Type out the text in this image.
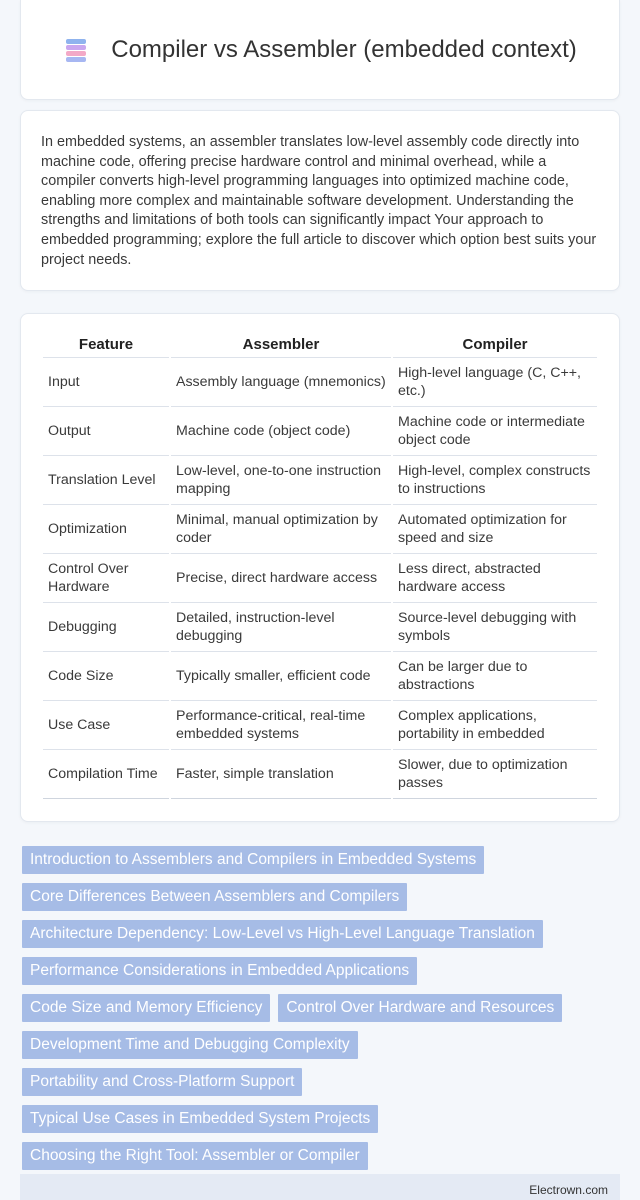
Compiler vs Assembler (embedded context)

In embedded systems, an assembler translates low-level assembly code directly into machine code, offering precise hardware control and minimal overhead, while a compiler converts high-level programming languages into optimized machine code, enabling more complex and maintainable software development. Understanding the strengths and limitations of both tools can significantly impact Your approach to embedded programming; explore the full article to discover which option best suits your project needs.

Feature	Assembler	Compiler
Input	Assembly language (mnemonics)	High-level language (C, C++, etc.)
Output	Machine code (object code)	Machine code or intermediate object code
Translation Level	Low-level, one-to-one instruction mapping	High-level, complex constructs to instructions
Optimization	Minimal, manual optimization by coder	Automated optimization for speed and size
Control Over Hardware	Precise, direct hardware access	Less direct, abstracted hardware access
Debugging	Detailed, instruction-level debugging	Source-level debugging with symbols
Code Size	Typically smaller, efficient code	Can be larger due to abstractions
Use Case	Performance-critical, real-time embedded systems	Complex applications, portability in embedded
Compilation Time	Faster, simple translation	Slower, due to optimization passes
Introduction to Assemblers and Compilers in Embedded Systems
Core Differences Between Assemblers and Compilers
Architecture Dependency: Low-Level vs High-Level Language Translation
Performance Considerations in Embedded Applications
Code Size and Memory Efficiency	Control Over Hardware and Resources
Development Time and Debugging Complexity
Portability and Cross-Platform Support
Typical Use Cases in Embedded System Projects
Choosing the Right Tool: Assembler or Compiler
Electrown.com
